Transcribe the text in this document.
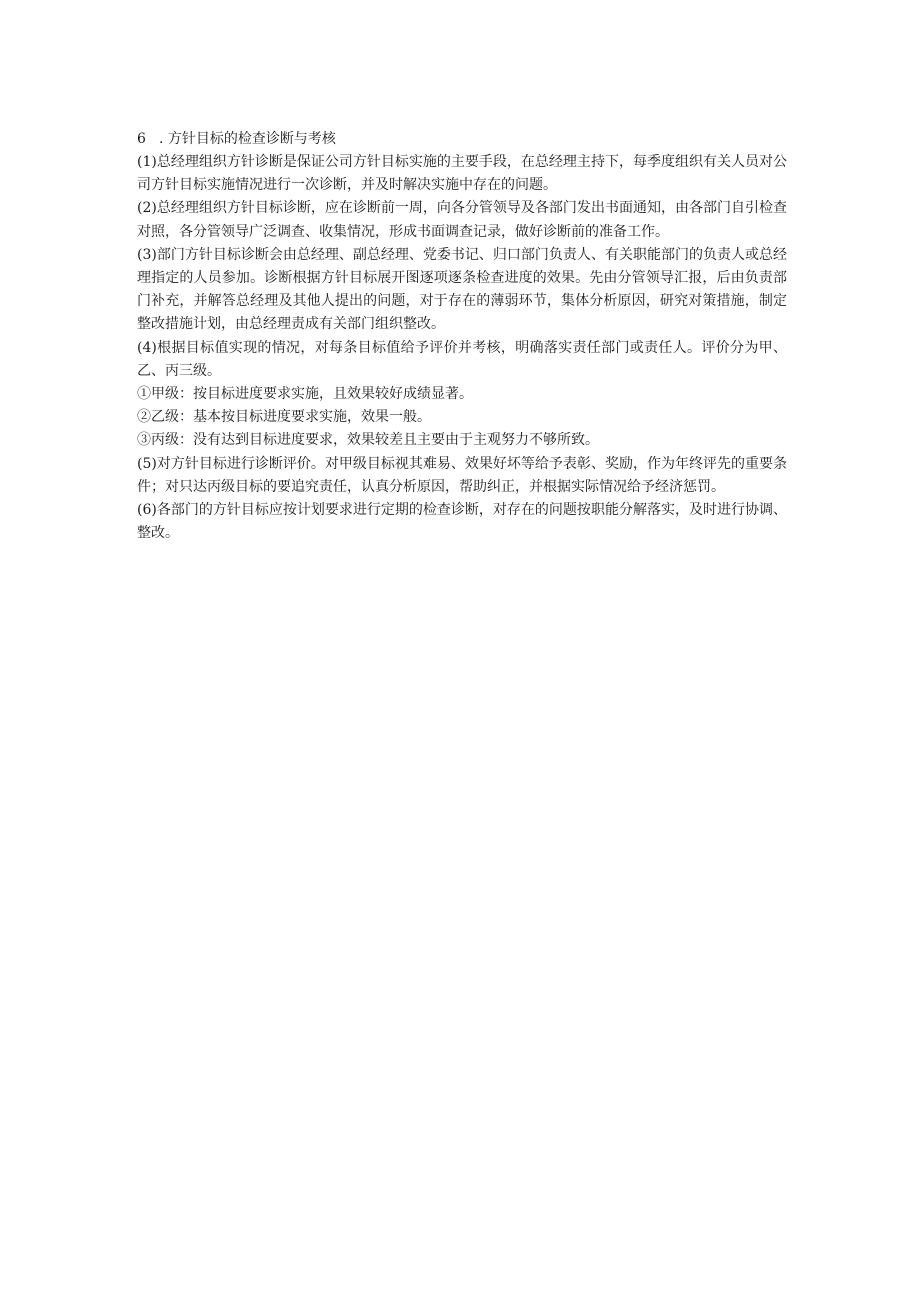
6 . 方针目标的检查诊断与考核

(1)总经理组织方针诊断是保证公司方针目标实施的主要手段，在总经理主持下，每季度组织有关人员对公司方针目标实施情况进行一次诊断，并及时解决实施中存在的问题。

(2)总经理组织方针目标诊断，应在诊断前一周，向各分管领导及各部门发出书面通知，由各部门自引检查对照，各分管领导广泛调查、收集情况，形成书面调查记录，做好诊断前的准备工作。

(3)部门方针目标诊断会由总经理、副总经理、党委书记、归口部门负责人、有关职能部门的负责人或总经理指定的人员参加。诊断根据方针目标展开图逐项逐条检查进度的效果。先由分管领导汇报，后由负责部门补充，并解答总经理及其他人提出的问题，对于存在的薄弱环节，集体分析原因，研究对策措施，制定整改措施计划，由总经理责成有关部门组织整改。

(4)根据目标值实现的情况，对每条目标值给予评价并考核，明确落实责任部门或责任人。评价分为甲、乙、丙三级。

①甲级：按目标进度要求实施，且效果较好成绩显著。

②乙级：基本按目标进度要求实施，效果一般。

③丙级：没有达到目标进度要求，效果较差且主要由于主观努力不够所致。

(5)对方针目标进行诊断评价。对甲级目标视其难易、效果好坏等给予表彰、奖励，作为年终评先的重要条件；对只达丙级目标的要追究责任，认真分析原因，帮助纠正，并根据实际情况给予经济惩罚。

(6)各部门的方针目标应按计划要求进行定期的检查诊断，对存在的问题按职能分解落实，及时进行协调、整改。
